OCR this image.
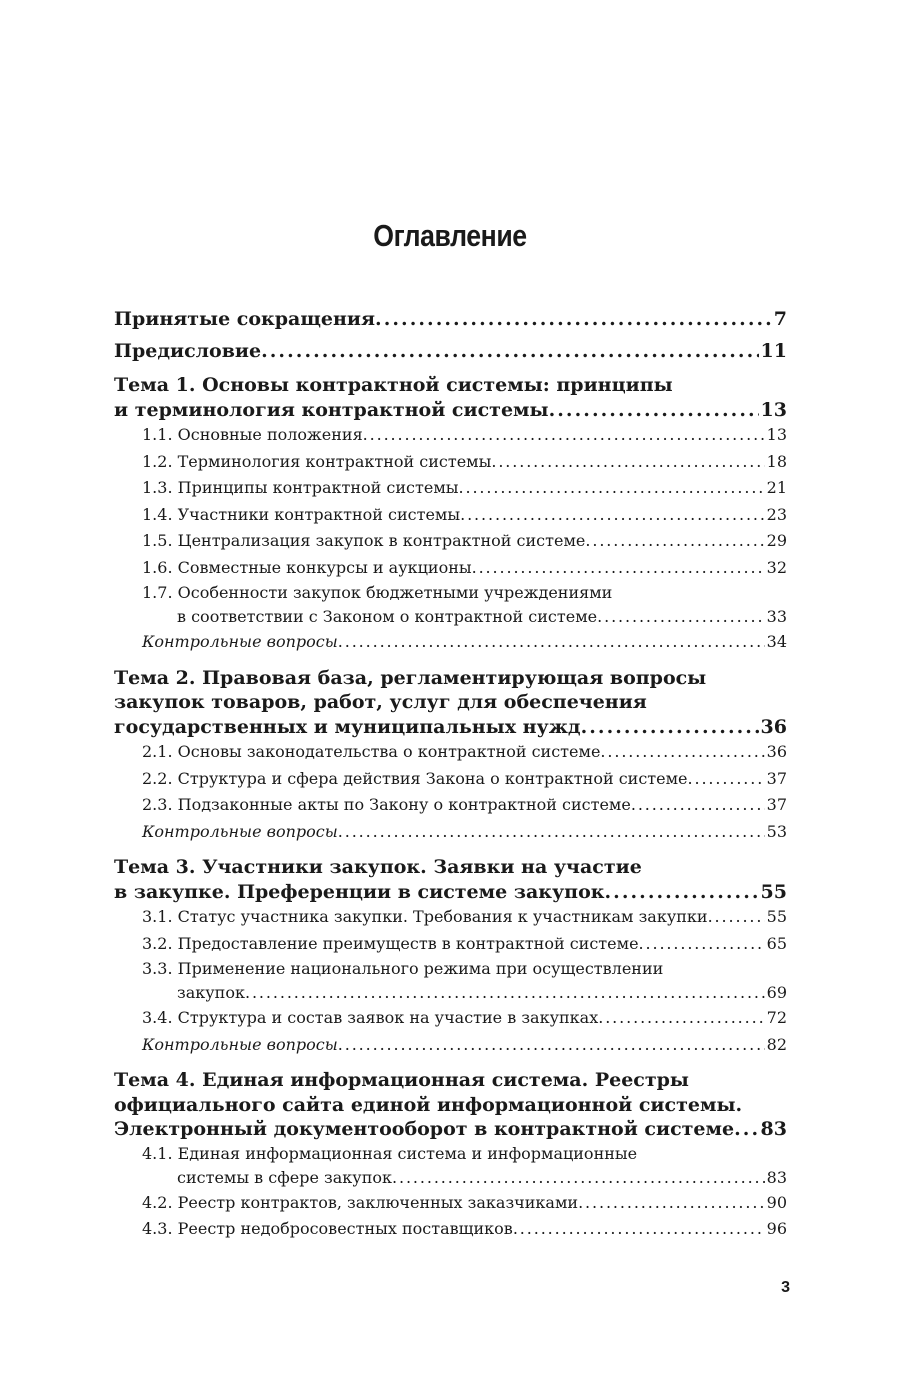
Оглавление
Принятые сокращения . . .	7
Предисловие . . .	11
Тема 1. Основы контрактной системы: принципы
и терминология контрактной системы . . .	13
1.1. Основные положения . . .	13
1.2. Терминология контрактной системы . . .	18
1.3. Принципы контрактной системы . . .	21
1.4. Участники контрактной системы . . .	23
1.5. Централизация закупок в контрактной системе . . .	29
1.6. Совместные конкурсы и аукционы . . .	32
1.7. Особенности закупок бюджетными учреждениями
в соответствии с Законом о контрактной системе . . .	33
Контрольные вопросы . . .	34
Тема 2. Правовая база, регламентирующая вопросы
закупок товаров, работ, услуг для обеспечения
государственных и муниципальных нужд . . .	36
2.1. Основы законодательства о контрактной системе . . .	36
2.2. Структура и сфера действия Закона о контрактной системе . . .	37
2.3. Подзаконные акты по Закону о контрактной системе . . .	37
Контрольные вопросы . . .	53
Тема 3. Участники закупок. Заявки на участие
в закупке. Преференции в системе закупок . . .	55
3.1. Статус участника закупки. Требования к участникам закупки . . .	55
3.2. Предоставление преимуществ в контрактной системе . . .	65
3.3. Применение национального режима при осуществлении
закупок . . .	69
3.4. Структура и состав заявок на участие в закупках . . .	72
Контрольные вопросы . . .	82
Тема 4. Единая информационная система. Реестры
официального сайта единой информационной системы.
Электронный документооборот в контрактной системе . . . 83
4.1. Единая информационная система и информационные
системы в сфере закупок . . .	83
4.2. Реестр контрактов, заключенных заказчиками . . .	90
4.3. Реестр недобросовестных поставщиков . . .	96
3
